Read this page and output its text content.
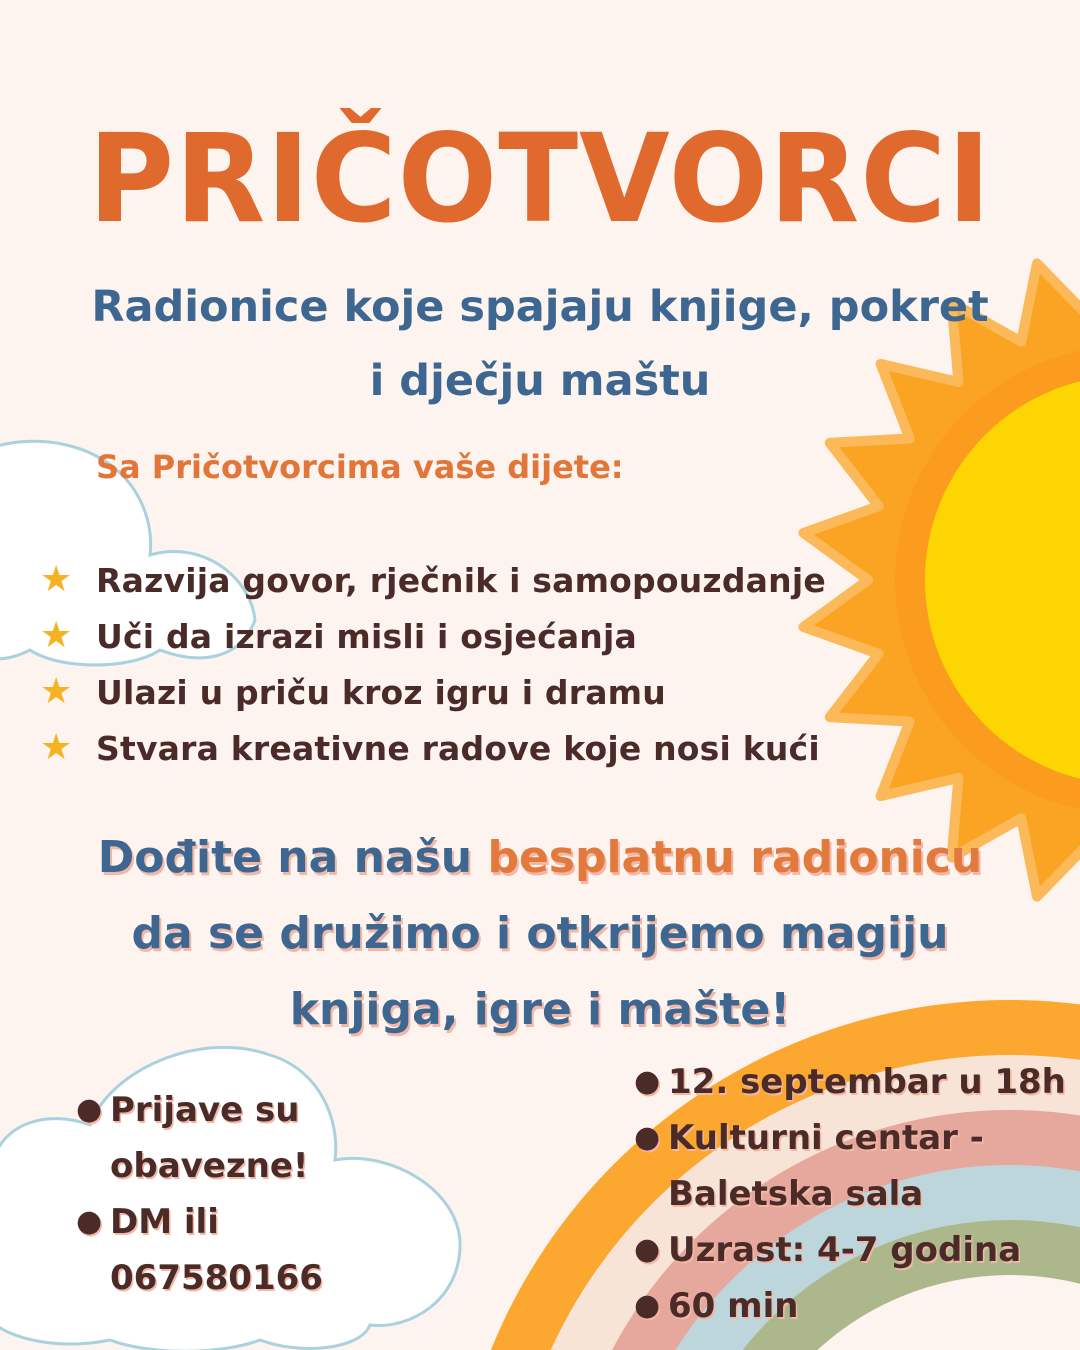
PRIČOTVORCI
Radionice koje spajaju knjige, pokret
i dječju maštu
Sa Pričotvorcima vaše dijete:
★ Razvija govor, rječnik i samopouzdanje
★ Uči da izrazi misli i osjećanja
★ Ulazi u priču kroz igru i dramu
★ Stvara kreativne radove koje nosi kući
Dođite na našu besplatnu radionicu
da se družimo i otkrijemo magiju
knjiga, igre i mašte!
● Prijave su obavezne!
● DM ili 067580166
● 12. septembar u 18h
● Kulturni centar - Baletska sala
● Uzrast: 4-7 godina
● 60 min
